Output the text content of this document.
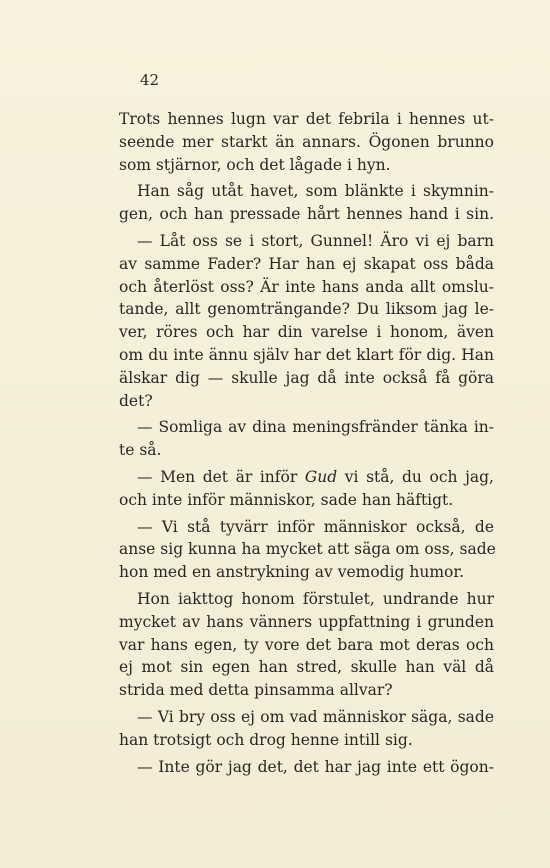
42
Trots hennes lugn var det febrila i hennes ut-
seende mer starkt än annars. Ögonen brunno
som stjärnor, och det lågade i hyn.
Han såg utåt havet, som blänkte i skymnin-
gen, och han pressade hårt hennes hand i sin.
— Låt oss se i stort, Gunnel! Äro vi ej barn
av samme Fader? Har han ej skapat oss båda
och återlöst oss? Är inte hans anda allt omslu-
tande, allt genomträngande? Du liksom jag le-
ver, röres och har din varelse i honom, även
om du inte ännu själv har det klart för dig. Han
älskar dig — skulle jag då inte också få göra
det?
— Somliga av dina meningsfränder tänka in-
te så.
— Men det är inför Gud vi stå, du och jag,
och inte inför människor, sade han häftigt.
— Vi stå tyvärr inför människor också, de
anse sig kunna ha mycket att säga om oss, sade
hon med en anstrykning av vemodig humor.
Hon iakttog honom förstulet, undrande hur
mycket av hans vänners uppfattning i grunden
var hans egen, ty vore det bara mot deras och
ej mot sin egen han stred, skulle han väl då
strida med detta pinsamma allvar?
— Vi bry oss ej om vad människor säga, sade
han trotsigt och drog henne intill sig.
— Inte gör jag det, det har jag inte ett ögon-
